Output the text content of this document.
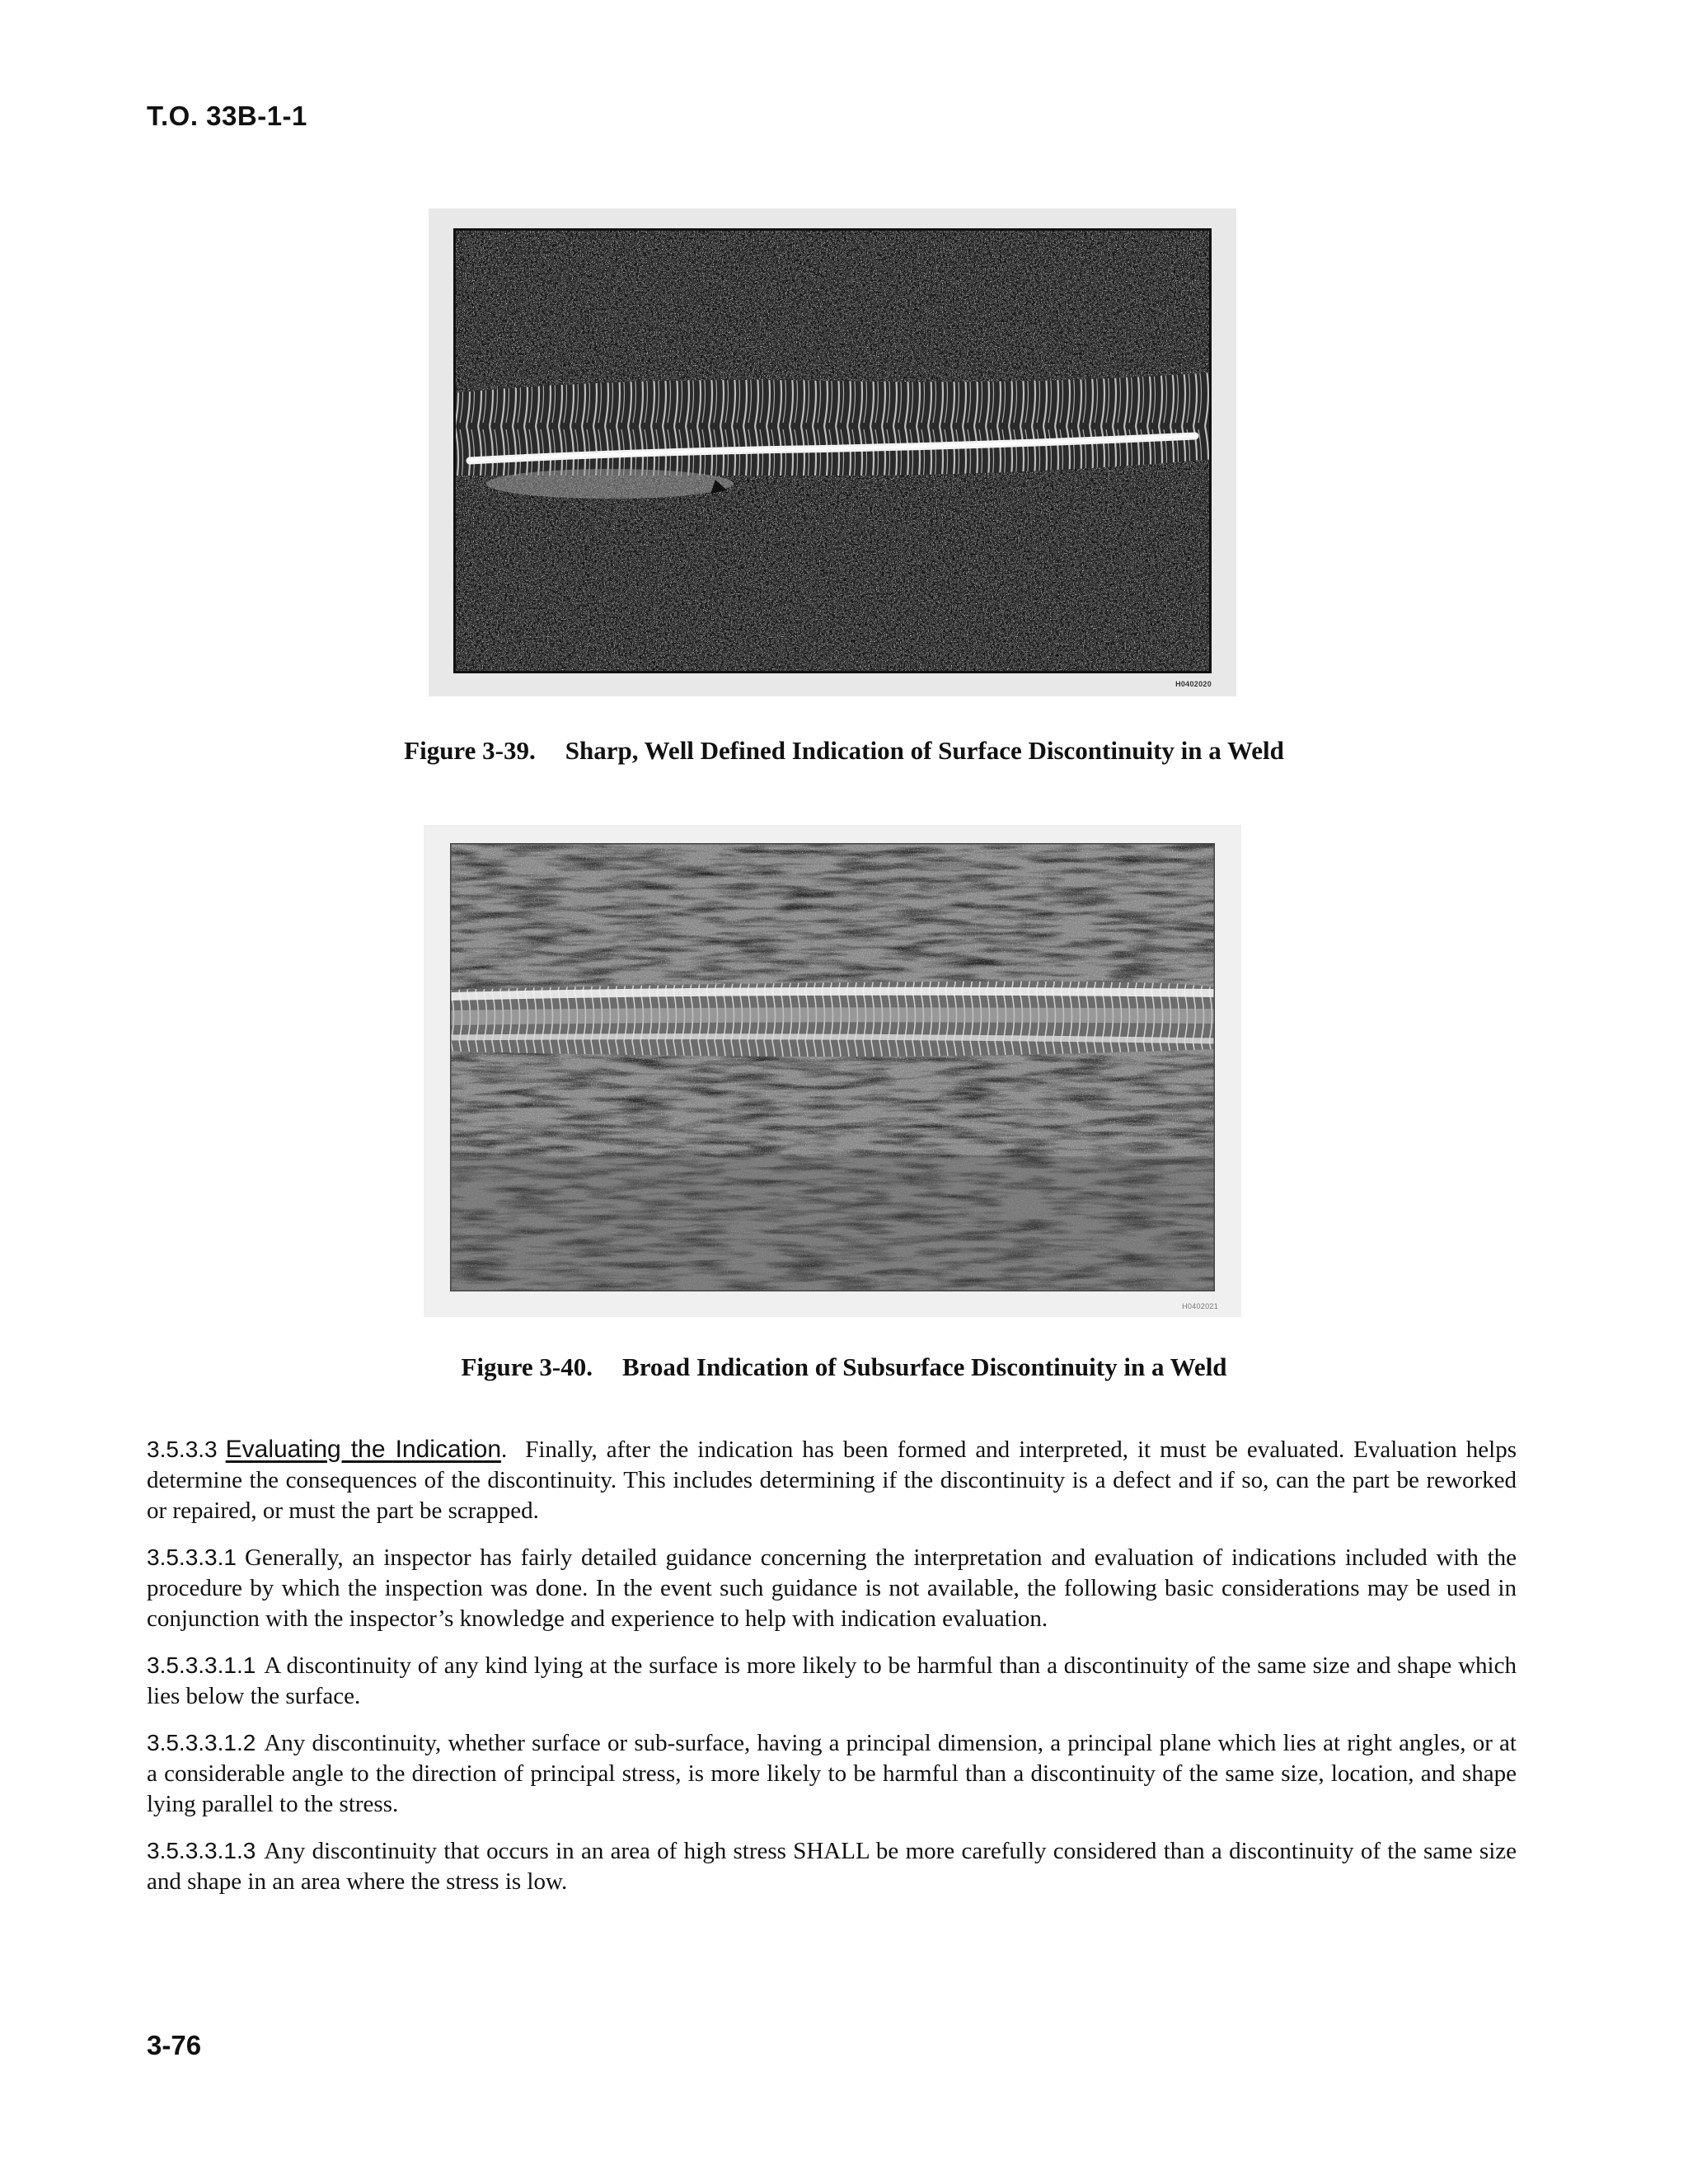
T.O. 33B-1-1
H0402020
Figure 3-39. Sharp, Well Defined Indication of Surface Discontinuity in a Weld
H0402021
Figure 3-40. Broad Indication of Subsurface Discontinuity in a Weld

3.5.3.3 Evaluating the Indication. Finally, after the indication has been formed and interpreted, it must be evaluated. Evaluation helps determine the consequences of the discontinuity. This includes determining if the discontinuity is a defect and if so, can the part be reworked or repaired, or must the part be scrapped.

3.5.3.3.1 Generally, an inspector has fairly detailed guidance concerning the interpretation and evaluation of indications included with the procedure by which the inspection was done. In the event such guidance is not available, the following basic considerations may be used in conjunction with the inspector’s knowledge and experience to help with indication evaluation.

3.5.3.3.1.1 A discontinuity of any kind lying at the surface is more likely to be harmful than a discontinuity of the same size and shape which lies below the surface.

3.5.3.3.1.2 Any discontinuity, whether surface or sub-surface, having a principal dimension, a principal plane which lies at right angles, or at a considerable angle to the direction of principal stress, is more likely to be harmful than a discontinuity of the same size, location, and shape lying parallel to the stress.

3.5.3.3.1.3 Any discontinuity that occurs in an area of high stress SHALL be more carefully considered than a discontinuity of the same size and shape in an area where the stress is low.

3-76
